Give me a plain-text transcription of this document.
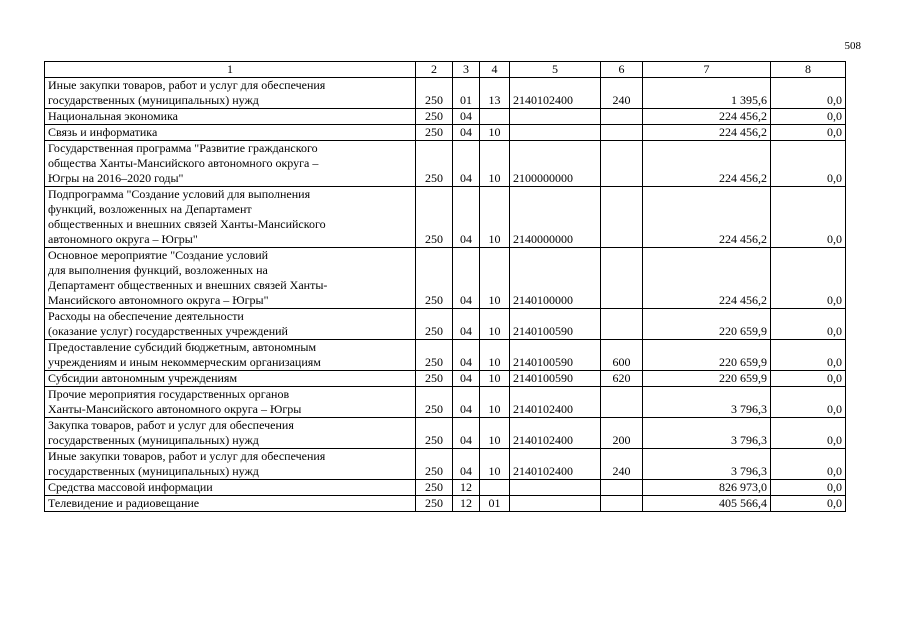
508
1	2	3	4	5	6	7	8

Иные закупки товаров, работ и услуг для обеспечения
государственных (муниципальных) нужд	250	01	13	2140102400	240	1 395,6	0,0

Национальная экономика	250	04				224 456,2	0,0

Связь и информатика	250	04	10			224 456,2	0,0

Государственная программа "Развитие гражданского
общества Ханты-Мансийского автономного округа –
Югры на 2016–2020 годы"	250	04	10	2100000000		224 456,2	0,0

Подпрограмма "Создание условий для выполнения
функций, возложенных на Департамент
общественных и внешних связей Ханты-Мансийского
автономного округа – Югры"	250	04	10	2140000000		224 456,2	0,0

Основное мероприятие "Создание условий
для выполнения функций, возложенных на
Департамент общественных и внешних связей Ханты-
Мансийского автономного округа – Югры"	250	04	10	2140100000		224 456,2	0,0

Расходы на обеспечение деятельности
(оказание услуг) государственных учреждений	250	04	10	2140100590		220 659,9	0,0

Предоставление субсидий бюджетным, автономным
учреждениям и иным некоммерческим организациям	250	04	10	2140100590	600	220 659,9	0,0

Субсидии автономным учреждениям	250	04	10	2140100590	620	220 659,9	0,0

Прочие мероприятия государственных органов
Ханты-Мансийского автономного округа – Югры	250	04	10	2140102400		3 796,3	0,0

Закупка товаров, работ и услуг для обеспечения
государственных (муниципальных) нужд	250	04	10	2140102400	200	3 796,3	0,0

Иные закупки товаров, работ и услуг для обеспечения
государственных (муниципальных) нужд	250	04	10	2140102400	240	3 796,3	0,0

Средства массовой информации	250	12				826 973,0	0,0

Телевидение и радиовещание	250	12	01			405 566,4	0,0
